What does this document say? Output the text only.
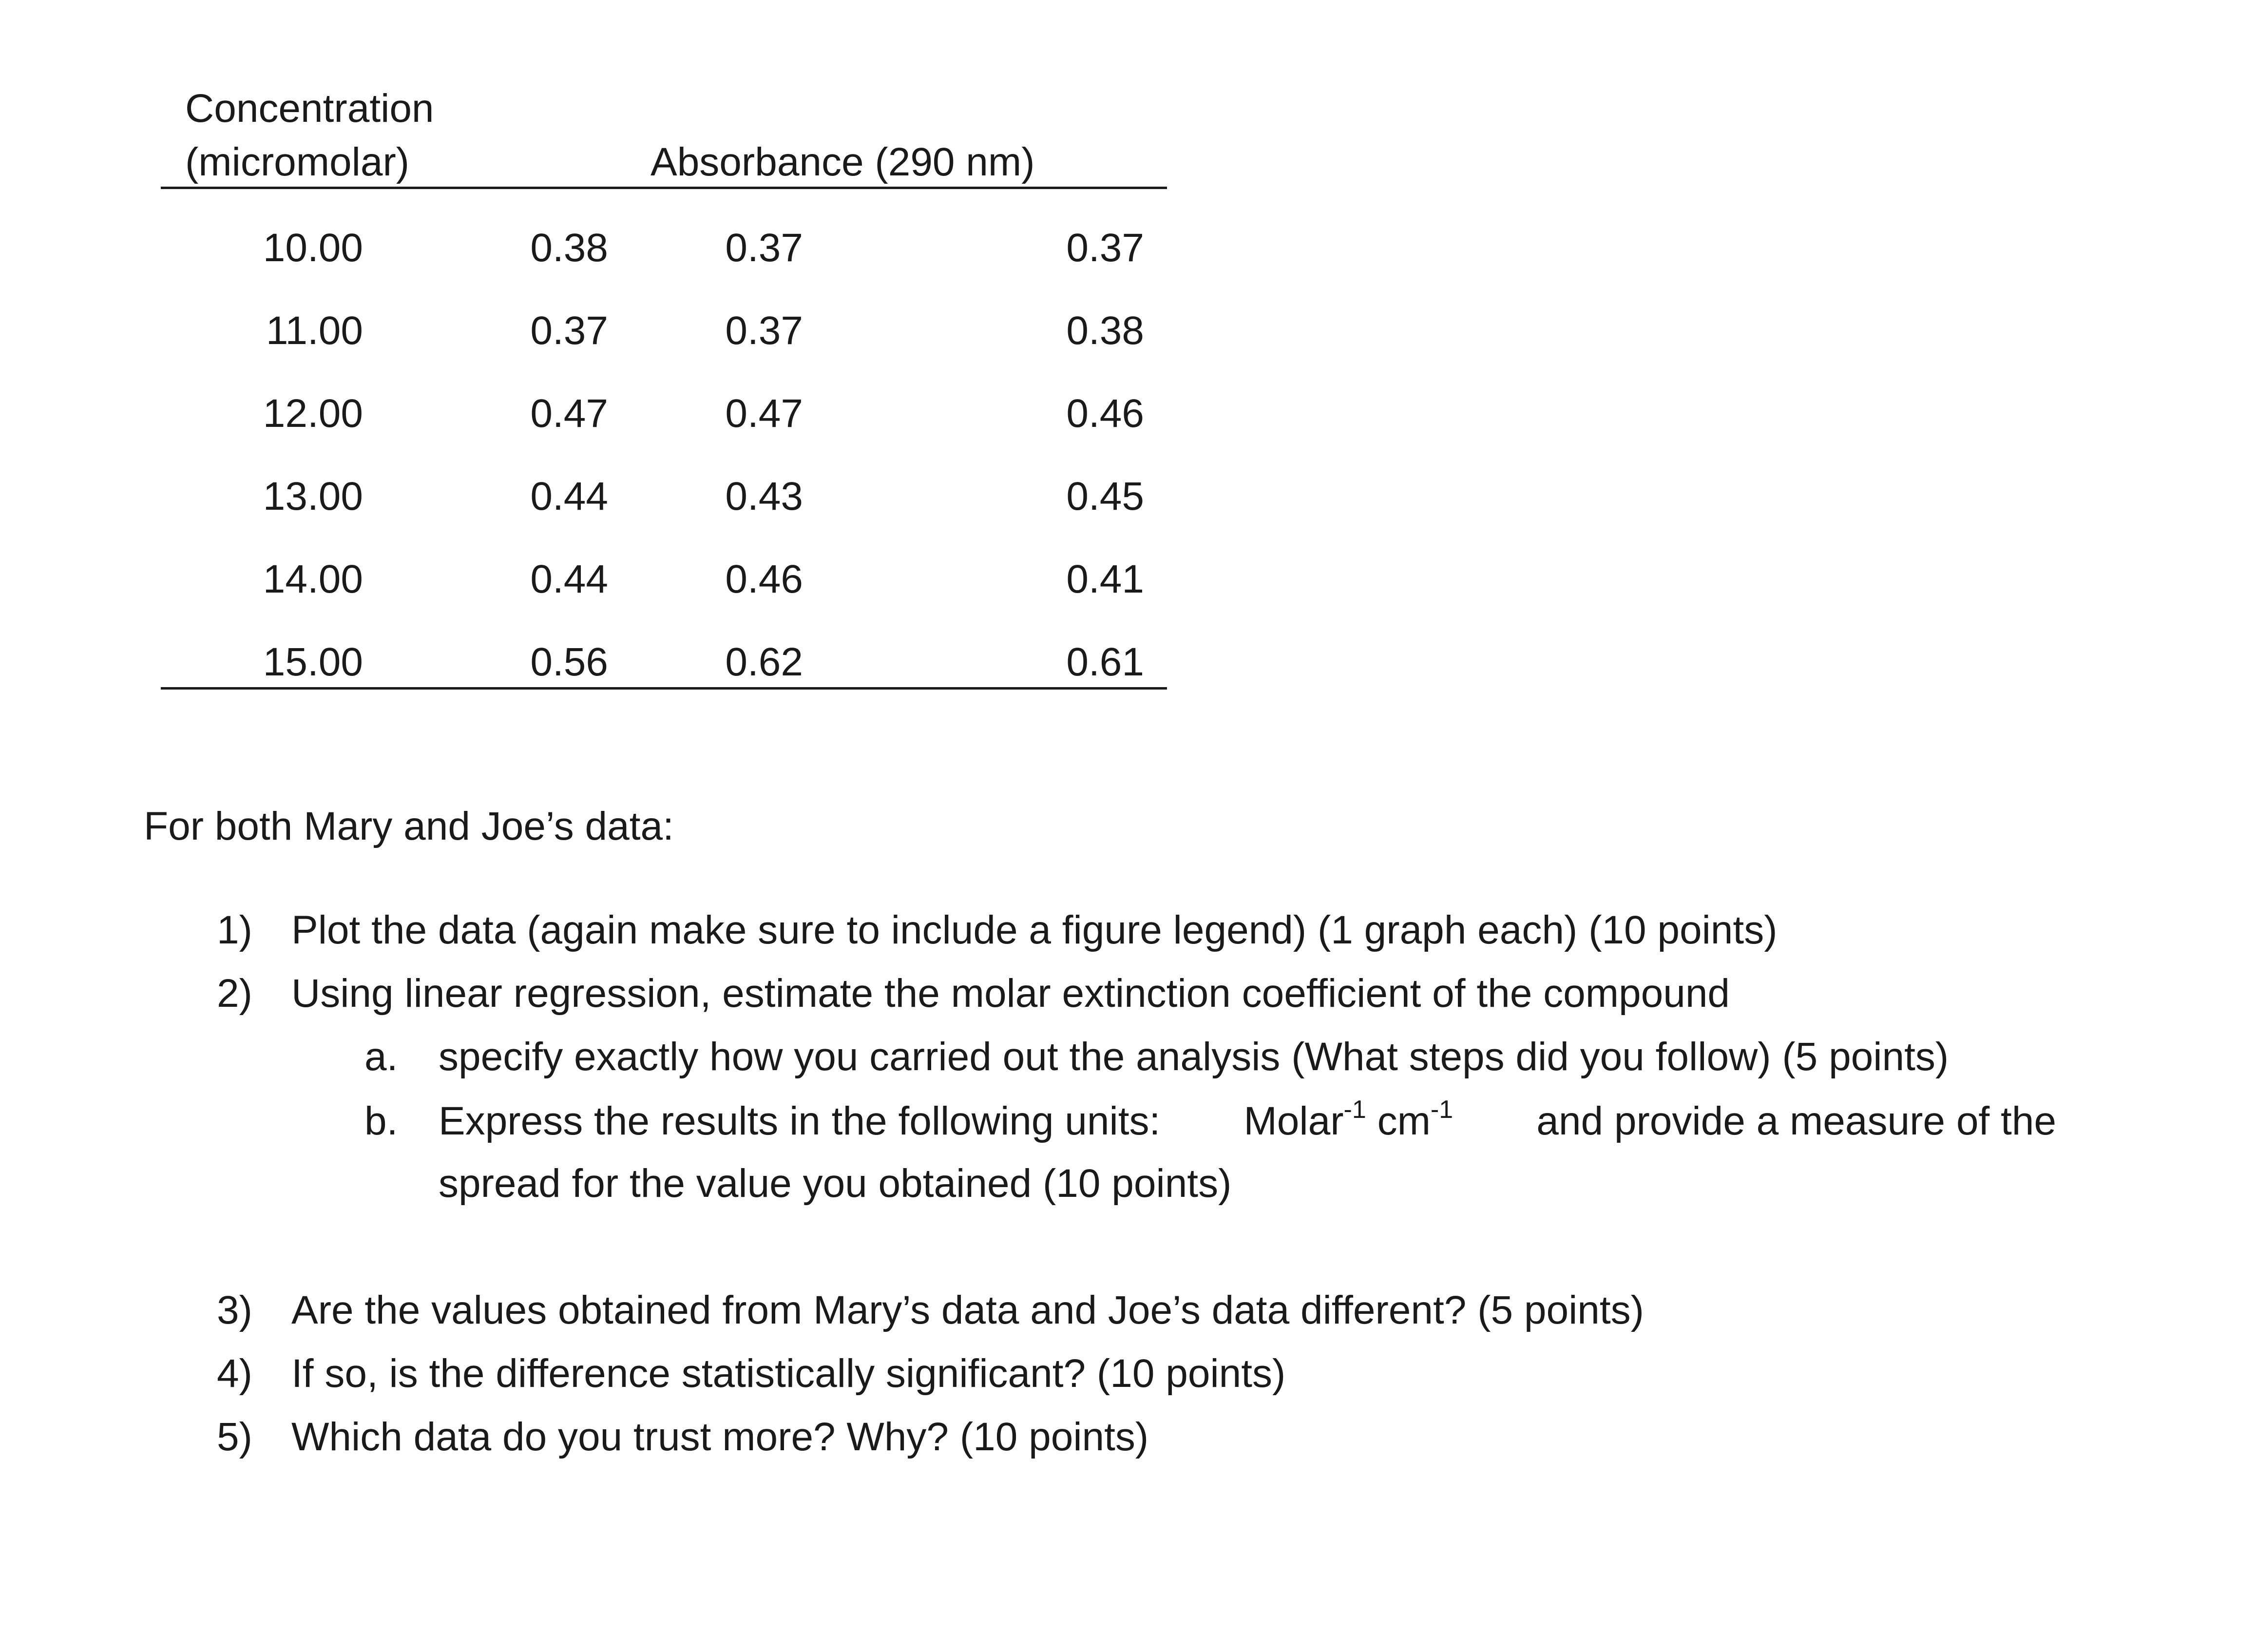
Concentration
(micromolar)	Absorbance (290 nm)
10.00	0.38	0.37	0.37
11.00	0.37	0.37	0.38
12.00	0.47	0.47	0.46
13.00	0.44	0.43	0.45
14.00	0.44	0.46	0.41
15.00	0.56	0.62	0.61
For both Mary and Joe’s data:
1) Plot the data (again make sure to include a figure legend) (1 graph each) (10 points)
2) Using linear regression, estimate the molar extinction coefficient of the compound
a. specify exactly how you carried out the analysis (What steps did you follow) (5 points)
b. Express the results in the following units: Molar$^{-1}$ $cm^{-1}$ and provide a measure of the
spread for the value you obtained (10 points)
3) Are the values obtained from Mary’s data and Joe’s data different? (5 points)
4) If so, is the difference statistically significant? (10 points)
5) Which data do you trust more? Why? (10 points)
